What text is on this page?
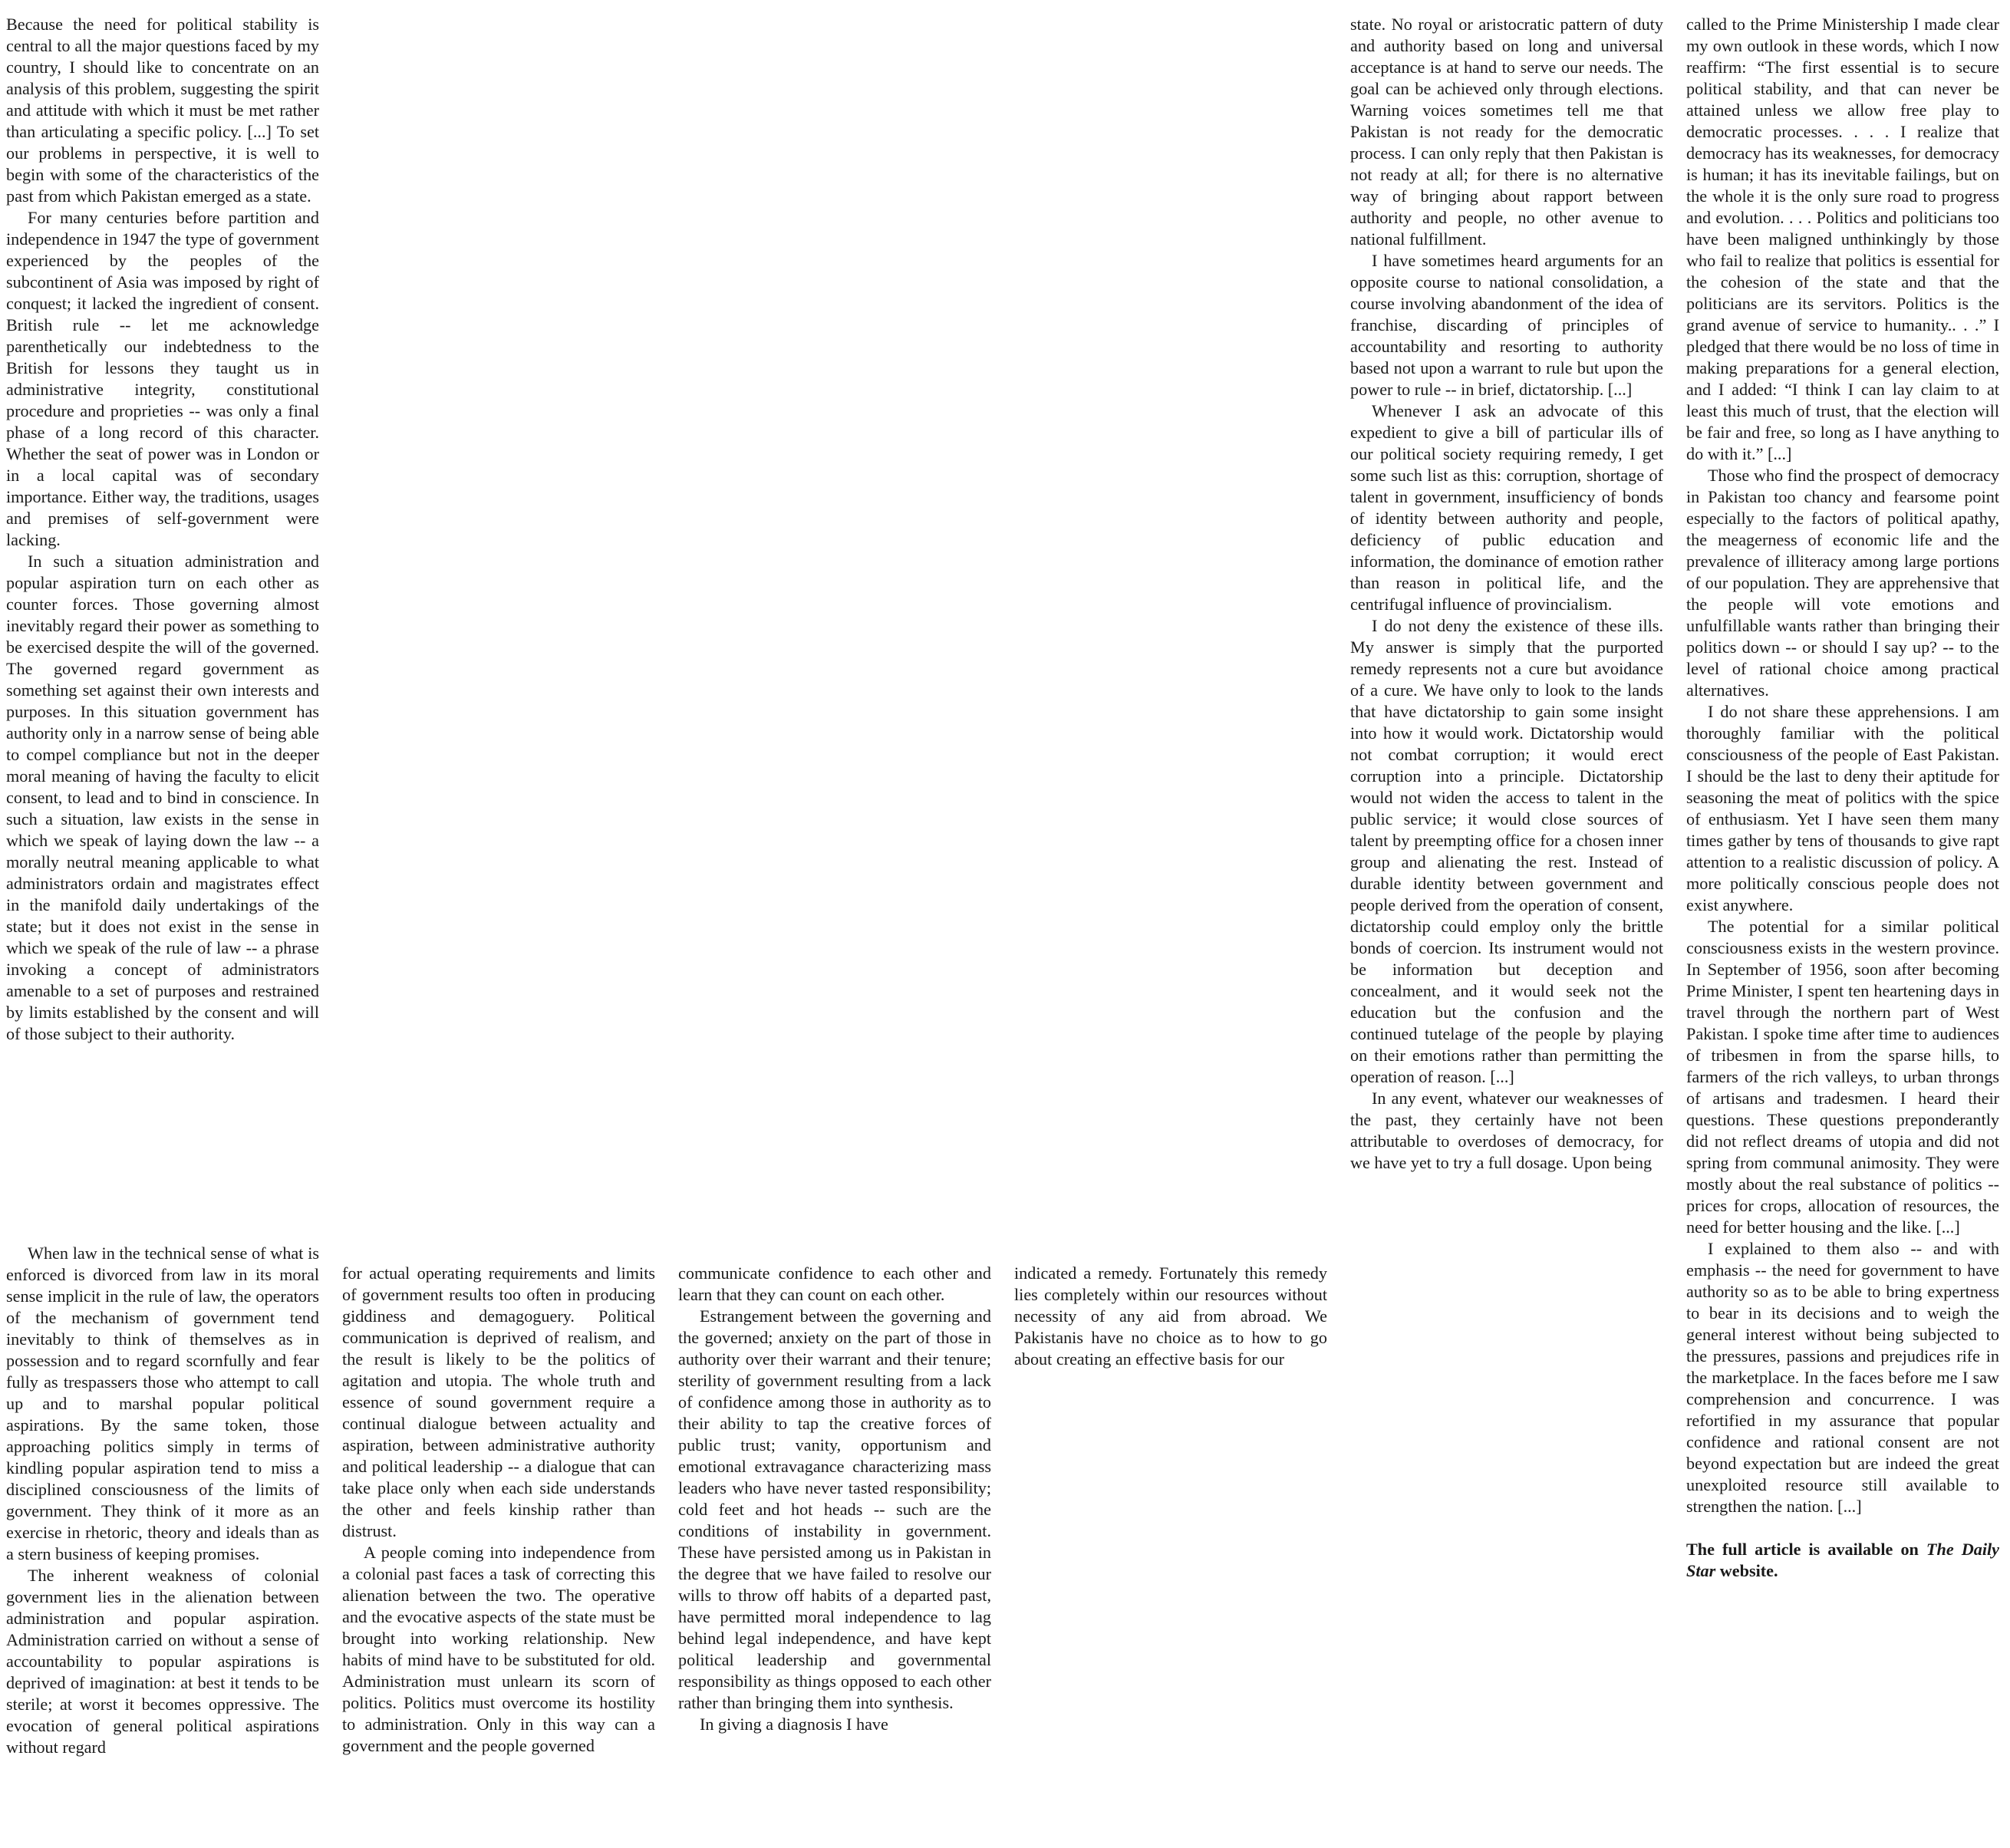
Because the need for political stability is central to all the major questions faced by my country, I should like to concentrate on an analysis of this problem, suggesting the spirit and attitude with which it must be met rather than articulating a specific policy. [...] To set our problems in perspective, it is well to begin with some of the characteristics of the past from which Pakistan emerged as a state.

For many centuries before partition and independence in 1947 the type of government experienced by the peoples of the subcontinent of Asia was imposed by right of conquest; it lacked the ingredient of consent. British rule -- let me acknowledge parenthetically our indebtedness to the British for lessons they taught us in administrative integrity, constitutional procedure and proprieties -- was only a final phase of a long record of this character. Whether the seat of power was in London or in a local capital was of secondary importance. Either way, the traditions, usages and premises of self-government were lacking.

In such a situation administration and popular aspiration turn on each other as counter forces. Those governing almost inevitably regard their power as something to be exercised despite the will of the governed. The governed regard government as something set against their own interests and purposes. In this situation government has authority only in a narrow sense of being able to compel compliance but not in the deeper moral meaning of having the faculty to elicit consent, to lead and to bind in conscience. In such a situation, law exists in the sense in which we speak of laying down the law -- a morally neutral meaning applicable to what administrators ordain and magistrates effect in the manifold daily undertakings of the state; but it does not exist in the sense in which we speak of the rule of law -- a phrase invoking a concept of administrators amenable to a set of purposes and restrained by limits established by the consent and will of those subject to their authority.

When law in the technical sense of what is enforced is divorced from law in its moral sense implicit in the rule of law, the operators of the mechanism of government tend inevitably to think of themselves as in possession and to regard scornfully and fear fully as trespassers those who attempt to call up and to marshal popular political aspirations. By the same token, those approaching politics simply in terms of kindling popular aspiration tend to miss a disciplined consciousness of the limits of government. They think of it more as an exercise in rhetoric, theory and ideals than as a stern business of keeping promises.

The inherent weakness of colonial government lies in the alienation between administration and popular aspiration. Administration carried on without a sense of accountability to popular aspirations is deprived of imagination: at best it tends to be sterile; at worst it becomes oppressive. The evocation of general political aspirations without regard

for actual operating requirements and limits of government results too often in producing giddiness and demagoguery. Political communication is deprived of realism, and the result is likely to be the politics of agitation and utopia. The whole truth and essence of sound government require a continual dialogue between actuality and aspiration, between administrative authority and political leadership -- a dialogue that can take place only when each side understands the other and feels kinship rather than distrust.

A people coming into independence from a colonial past faces a task of correcting this alienation between the two. The operative and the evocative aspects of the state must be brought into working relationship. New habits of mind have to be substituted for old. Administration must unlearn its scorn of politics. Politics must overcome its hostility to administration. Only in this way can a government and the people governed

communicate confidence to each other and learn that they can count on each other.

Estrangement between the governing and the governed; anxiety on the part of those in authority over their warrant and their tenure; sterility of government resulting from a lack of confidence among those in authority as to their ability to tap the creative forces of public trust; vanity, opportunism and emotional extravagance characterizing mass leaders who have never tasted responsibility; cold feet and hot heads -- such are the conditions of instability in government. These have persisted among us in Pakistan in the degree that we have failed to resolve our wills to throw off habits of a departed past, have permitted moral independence to lag behind legal independence, and have kept political leadership and governmental responsibility as things opposed to each other rather than bringing them into synthesis.

In giving a diagnosis I have

indicated a remedy. Fortunately this remedy lies completely within our resources without necessity of any aid from abroad. We Pakistanis have no choice as to how to go about creating an effective basis for our

state. No royal or aristocratic pattern of duty and authority based on long and universal acceptance is at hand to serve our needs. The goal can be achieved only through elections. Warning voices sometimes tell me that Pakistan is not ready for the democratic process. I can only reply that then Pakistan is not ready at all; for there is no alternative way of bringing about rapport between authority and people, no other avenue to national fulfillment.

I have sometimes heard arguments for an opposite course to national consolidation, a course involving abandonment of the idea of franchise, discarding of principles of accountability and resorting to authority based not upon a warrant to rule but upon the power to rule -- in brief, dictatorship. [...]

Whenever I ask an advocate of this expedient to give a bill of particular ills of our political society requiring remedy, I get some such list as this: corruption, shortage of talent in government, insufficiency of bonds of identity between authority and people, deficiency of public education and information, the dominance of emotion rather than reason in political life, and the centrifugal influence of provincialism.

I do not deny the existence of these ills. My answer is simply that the purported remedy represents not a cure but avoidance of a cure. We have only to look to the lands that have dictatorship to gain some insight into how it would work. Dictatorship would not combat corruption; it would erect corruption into a principle. Dictatorship would not widen the access to talent in the public service; it would close sources of talent by preempting office for a chosen inner group and alienating the rest. Instead of durable identity between government and people derived from the operation of consent, dictatorship could employ only the brittle bonds of coercion. Its instrument would not be information but deception and concealment, and it would seek not the education but the confusion and the continued tutelage of the people by playing on their emotions rather than permitting the operation of reason. [...]

In any event, whatever our weaknesses of the past, they certainly have not been attributable to overdoses of democracy, for we have yet to try a full dosage. Upon being

called to the Prime Ministership I made clear my own outlook in these words, which I now reaffirm: “The first essential is to secure political stability, and that can never be attained unless we allow free play to democratic processes. . . . I realize that democracy has its weaknesses, for democracy is human; it has its inevitable failings, but on the whole it is the only sure road to progress and evolution. . . . Politics and politicians too have been maligned unthinkingly by those who fail to realize that politics is essential for the cohesion of the state and that the politicians are its servitors. Politics is the grand avenue of service to humanity.. . .” I pledged that there would be no loss of time in making preparations for a general election, and I added: “I think I can lay claim to at least this much of trust, that the election will be fair and free, so long as I have anything to do with it.” [...]

Those who find the prospect of democracy in Pakistan too chancy and fearsome point especially to the factors of political apathy, the meagerness of economic life and the prevalence of illiteracy among large portions of our population. They are apprehensive that the people will vote emotions and unfulfillable wants rather than bringing their politics down -- or should I say up? -- to the level of rational choice among practical alternatives.

I do not share these apprehensions. I am thoroughly familiar with the political consciousness of the people of East Pakistan. I should be the last to deny their aptitude for seasoning the meat of politics with the spice of enthusiasm. Yet I have seen them many times gather by tens of thousands to give rapt attention to a realistic discussion of policy. A more politically conscious people does not exist anywhere.

The potential for a similar political consciousness exists in the western province. In September of 1956, soon after becoming Prime Minister, I spent ten heartening days in travel through the northern part of West Pakistan. I spoke time after time to audiences of tribesmen in from the sparse hills, to farmers of the rich valleys, to urban throngs of artisans and tradesmen. I heard their questions. These questions preponderantly did not reflect dreams of utopia and did not spring from communal animosity. They were mostly about the real substance of politics -- prices for crops, allocation of resources, the need for better housing and the like. [...]

I explained to them also -- and with emphasis -- the need for government to have authority so as to be able to bring expertness to bear in its decisions and to weigh the general interest without being subjected to the pressures, passions and prejudices rife in the marketplace. In the faces before me I saw comprehension and concurrence. I was refortified in my assurance that popular confidence and rational consent are not beyond expectation but are indeed the great unexploited resource still available to strengthen the nation. [...]

The full article is available on The Daily Star website.
